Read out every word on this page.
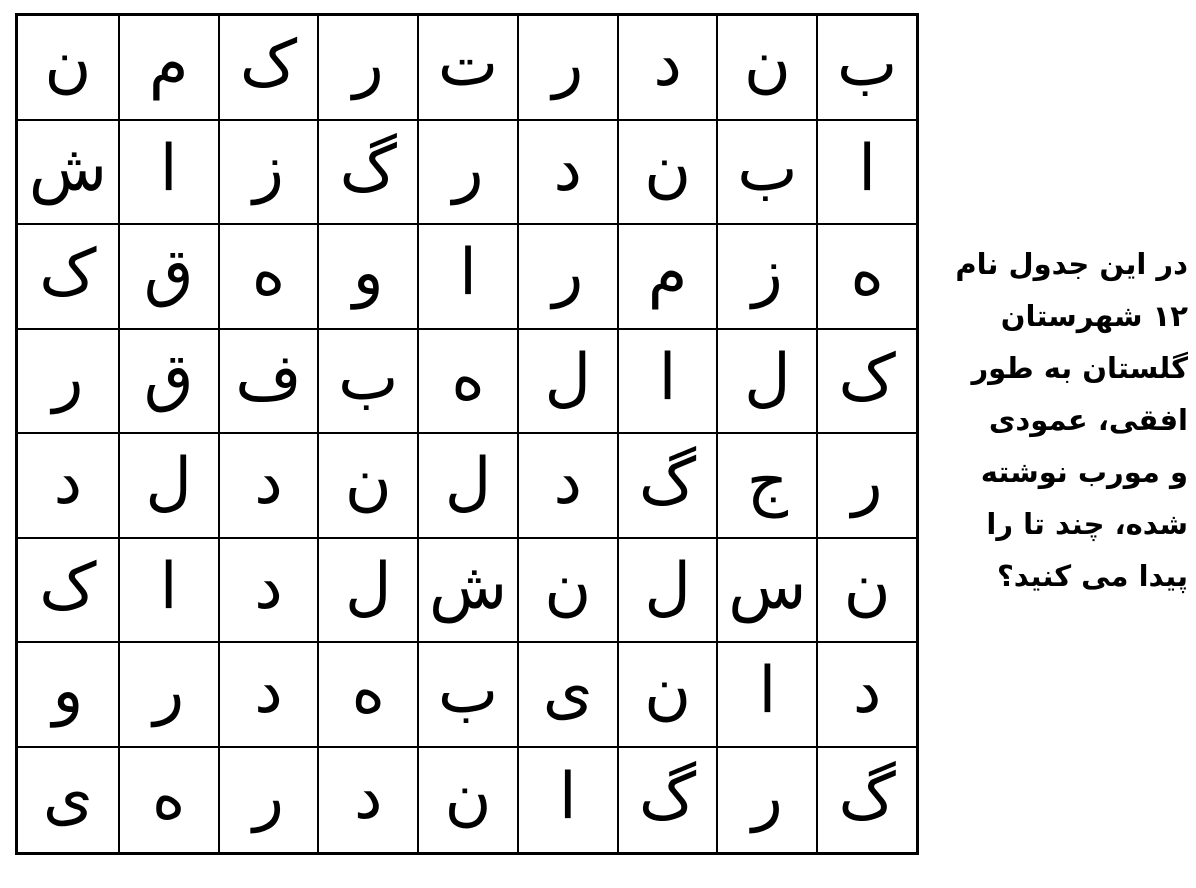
ب
ن
د
ر
ت
ر
ک
م
ن
ا
ب
ن
د
ر
گ
ز
ا
ش
ه
ز
م
ر
ا
و
ه
ق
ک
ک
ل
ا
ل
ه
ب
ف
ق
ر
ر
ج
گ
د
ل
ن
د
ل
د
ن
س
ل
ن
ش
ل
د
ا
ک
د
ا
ن
ی
ب
ه
د
ر
و
گ
ر
گ
ا
ن
د
ر
ه
ی
در این جدول نام
۱۲ شهرستان
گلستان به طور
افقی، عمودی
و مورب نوشته
شده، چند تا را
پیدا می کنید؟
